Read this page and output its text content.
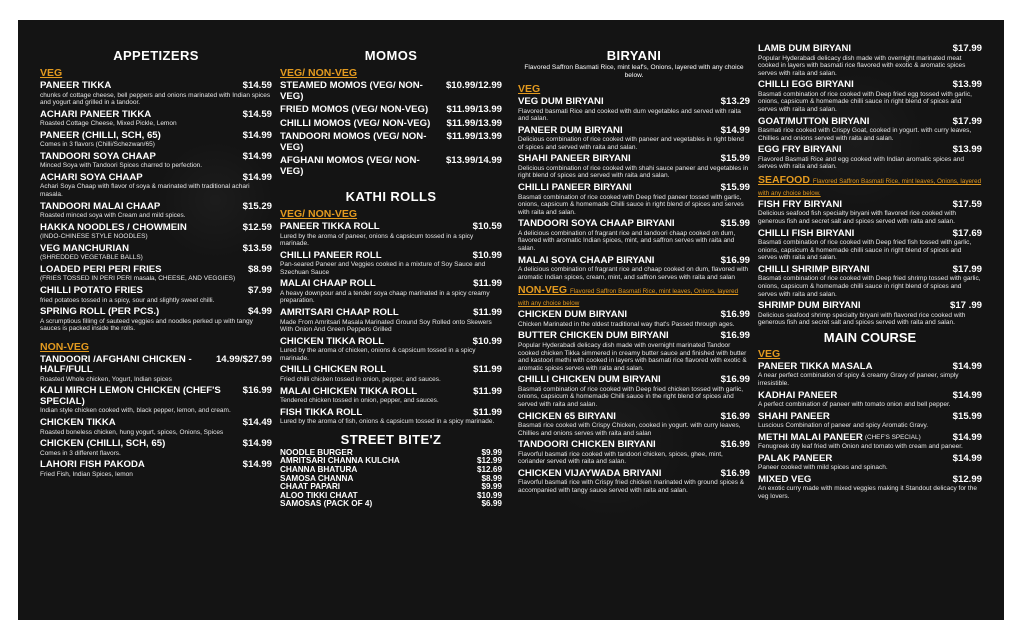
APPETIZERS
VEG
PANEER TIKKA	$14.59
chunks of cottage cheese, bell peppers and onions marinated with Indian spices and yogurt and grilled in a tandoor.
ACHARI PANEER TIKKA	$14.59
Roasted Cottage Cheese, Mixed Pickle, Lemon
PANEER (CHILLI, SCH, 65)	$14.99
Comes in 3 flavors (Chilli/Schezwan/65)
TANDOORI SOYA CHAAP	$14.99
Minced Soya with Tandoori Spices charred to perfection.
ACHARI SOYA CHAAP	$14.99
Achari Soya Chaap with flavor of soya & marinated with traditional achari masala.
TANDOORI MALAI CHAAP	$15.29
Roasted minced soya with Cream and mild spices.
HAKKA NOODLES / CHOWMEIN	$12.59
(INDO-CHINESE STYLE NOODLES)
VEG MANCHURIAN	$13.59
(SHREDDED VEGETABLE BALLS)
LOADED PERI PERI FRIES	$8.99
(FRIES TOSSED IN PERI PERI masala, CHEESE, AND VEGGIES)
CHILLI POTATO FRIES	$7.99
fried potatoes tossed in a spicy, sour and slightly sweet chilli.
SPRING ROLL (PER PCS.)	$4.99
A scrumptious filling of sauteed veggies and noodles perked up with tangy sauces is packed inside the rolls.
NON-VEG
TANDOORI /AFGHANI CHICKEN - HALF/FULL
14.99/$27.99
Roasted Whole chicken, Yogurt, Indian spices
KALI MIRCH LEMON CHICKEN (CHEF'S SPECIAL)
$16.99
Indian style chicken cooked with, black pepper, lemon, and cream.
CHICKEN TIKKA	$14.49
Roasted boneless chicken, hung yogurt, spices, Onions, Spices
CHICKEN (CHILLI, SCH, 65)	$14.99
Comes in 3 different flavors.
LAHORI FISH PAKODA	$14.99
Fried Fish, Indian Spices, lemon
MOMOS
VEG/ NON-VEG
STEAMED MOMOS (VEG/ NON-VEG)
$10.99/12.99
FRIED MOMOS (VEG/ NON-VEG) $11.99/13.99
CHILLI MOMOS (VEG/ NON-VEG) $11.99/13.99
TANDOORI MOMOS (VEG/ NON-VEG)
$11.99/13.99
AFGHANI MOMOS (VEG/ NON-VEG)
$13.99/14.99
KATHI ROLLS
VEG/ NON-VEG
PANEER TIKKA ROLL	$10.59
Lured by the aroma of paneer, onions & capsicum tossed in a spicy marinade.
CHILLI PANEER ROLL	$10.99
Pan-seared Paneer and Veggies cooked in a mixture of Soy Sauce and Szechuan Sauce
MALAI CHAAP ROLL	$11.99
A heavy downpour and a tender soya chaap marinated in a spicy creamy preparation.
AMRITSARI CHAAP ROLL	$11.99
Made From Amritsari Masala Marinated Ground Soy Rolled onto Skewers With Onion And Green Peppers Grilled
CHICKEN TIKKA ROLL	$10.99
Lured by the aroma of chicken, onions & capsicum tossed in a spicy marinade.
CHILLI CHICKEN ROLL	$11.99
Fried chilli chicken tossed in onion, pepper, and sauces.
MALAI CHICKEN TIKKA ROLL	$11.99
Tendered chicken tossed in onion, pepper, and sauces.
FISH TIKKA ROLL	$11.99
Lured by the aroma of fish, onions & capsicum tossed in a spicy marinade.
STREET BITE'Z
NOODLE BURGER	$9.99
AMRITSARI CHANNA KULCHA	$12.99
CHANNA BHATURA	$12.69
SAMOSA CHANNA	$8.99
CHAAT PAPARI	$9.99
ALOO TIKKI CHAAT	$10.99
SAMOSAS (PACK OF 4)	$6.99
BIRYANI
Flavored Saffron Basmati Rice, mint leaf's, Onions, layered with any choice below.
VEG
VEG DUM BIRYANI	$13.29
Flavored basmati Rice and cooked with dum vegetables and served with raita and salan.
PANEER DUM BIRYANI	$14.99
Delicious combination of rice cooked with paneer and vegetables in right blend of spices and served with raita and salan.
SHAHI PANEER BIRYANI	$15.99
Delicious combination of rice cooked with shahi sauce paneer and vegetables in right blend of spices and served with raita and salan.
CHILLI PANEER BIRYANI	$15.99
Basmati combination of rice cooked with Deep fried paneer tossed with garlic, onions, capsicum & homemade Chilli sauce in right blend of spices and serves with raita and salan.
TANDOORI SOYA CHAAP BIRYANI	$15.99
A delicious combination of fragrant rice and tandoori chaap cooked on dum, flavored with aromatic Indian spices, mint, and saffron serves with raita and salan.
MALAI SOYA CHAAP BIRYANI	$16.99
A delicious combination of fragrant rice and chaap cooked on dum, flavored with aromatic Indian spices, cream, mint, and saffron serves with raita and salan
NON-VEG Flavored Saffron Basmati Rice, mint leaves, Onions, layered with any choice below
CHICKEN DUM BIRYANI	$16.99
Chicken Marinated in the oldest traditional way that's Passed through ages.
BUTTER CHICKEN DUM BIRYANI	$16.99
Popular Hyderabadi delicacy dish made with overnight marinated Tandoor cooked chicken Tikka simmered in creamy butter sauce and finished with butter and kastoori methi with cooked in layers with basmati rice flavored with exotic & aromatic spices serves with raita and salan.
CHILLI CHICKEN DUM BIRYANI	$16.99
Basmati combination of rice cooked with Deep fried chicken tossed with garlic, onions, capsicum & homemade Chilli sauce in the right blend of spices and served with raita and salan.
CHICKEN 65 BIRYANI	$16.99
Basmati rice cooked with Crispy Chicken, cooked in yogurt. with curry leaves, Chillies and onions serves with raita and salan
TANDOORI CHICKEN BIRYANI	$16.99
Flavorful basmati rice cooked with tandoori chicken, spices, ghee, mint, coriander served with raita and salan.
CHICKEN VIJAYWADA BRIYANI	$16.99
Flavorful basmati rice with Crispy fried chicken marinated with ground spices & accompanied with tangy sauce served with raita and salan.
LAMB DUM BIRYANI	$17.99
Popular Hyderabadi delicacy dish made with overnight marinated meat cooked in layers with basmati rice flavored with exotic & aromatic spices serves with raita and salan.
CHILLI EGG BIRYANI	$13.99
Basmati combination of rice cooked with Deep fried egg tossed with garlic, onions, capsicum & homemade chilli sauce in right blend of spices and serves with raita and salan.
GOAT/MUTTON BIRYANI	$17.99
Basmati rice cooked with Crispy Goat, cooked in yogurt. with curry leaves, Chillies and onions served with raita and salan.
EGG FRY BIRYANI	$13.99
Flavored Basmati Rice and egg cooked with Indian aromatic spices and serves with raita and salan.
SEAFOOD Flavored Saffron Basmati Rice, mint leaves, Onions, layered with any choice below.
FISH FRY BIRYANI	$17.59
Delicious seafood fish specialty biryani with flavored rice cooked with generous fish and secret salt and spices served with raita and salan.
CHILLI FISH BIRYANI	$17.69
Basmati combination of rice cooked with Deep fried fish tossed with garlic, onions, capsicum & homemade chilli sauce in right blend of spices and serves with raita and salan.
CHILLI SHRIMP BIRYANI	$17.99
Basmati combination of rice cooked with Deep fried shrimp tossed with garlic, onions, capsicum & homemade chilli sauce in right blend of spices and serves with raita and salan.
SHRIMP DUM BIRYANI	$17 .99
Delicious seafood shrimp specialty biryani with flavored rice cooked with generous fish and secret salt and spices served with raita and salan.
MAIN COURSE
VEG
PANEER TIKKA MASALA	$14.99
A near perfect combination of spicy & creamy Gravy of paneer, simply irresistible.
KADHAI PANEER	$14.99
A perfect combination of paneer with tomato onion and bell pepper.
SHAHI PANEER	$15.99
Luscious Combination of paneer and spicy Aromatic Gravy.
METHI MALAI PANEER (CHEF'S SPECIAL)	$14.99
Fenugreek dry leaf fried with Onion and tomato with cream and paneer.
PALAK PANEER	$14.99
Paneer cooked with mild spices and spinach.
MIXED VEG	$12.99
An exotic curry made with mixed veggies making it Standout delicacy for the veg lovers.
